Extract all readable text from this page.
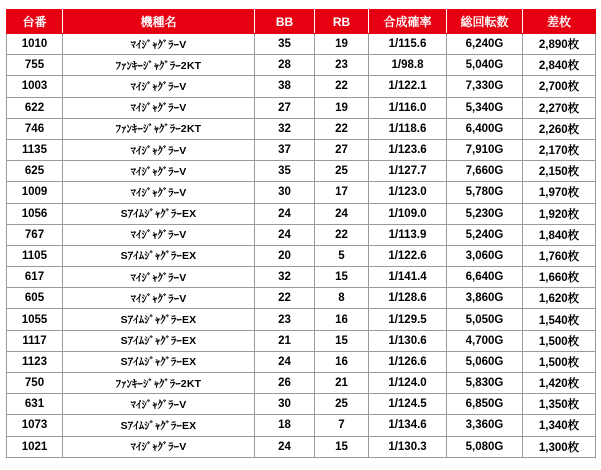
台番	機種名	BB	RB	合成確率	総回転数	差枚
1010	ﾏｲｼﾞｬｸﾞﾗｰV	35	19	1/115.6	6,240G	2,890枚
755	ﾌｧﾝｷｰｼﾞｬｸﾞﾗｰ2KT	28	23	1/98.8	5,040G	2,840枚
1003	ﾏｲｼﾞｬｸﾞﾗｰV	38	22	1/122.1	7,330G	2,700枚
622	ﾏｲｼﾞｬｸﾞﾗｰV	27	19	1/116.0	5,340G	2,270枚
746	ﾌｧﾝｷｰｼﾞｬｸﾞﾗｰ2KT	32	22	1/118.6	6,400G	2,260枚
1135	ﾏｲｼﾞｬｸﾞﾗｰV	37	27	1/123.6	7,910G	2,170枚
625	ﾏｲｼﾞｬｸﾞﾗｰV	35	25	1/127.7	7,660G	2,150枚
1009	ﾏｲｼﾞｬｸﾞﾗｰV	30	17	1/123.0	5,780G	1,970枚
1056	SｱｲﾑｼﾞｬｸﾞﾗｰEX	24	24	1/109.0	5,230G	1,920枚
767	ﾏｲｼﾞｬｸﾞﾗｰV	24	22	1/113.9	5,240G	1,840枚
1105	SｱｲﾑｼﾞｬｸﾞﾗｰEX	20	5	1/122.6	3,060G	1,760枚
617	ﾏｲｼﾞｬｸﾞﾗｰV	32	15	1/141.4	6,640G	1,660枚
605	ﾏｲｼﾞｬｸﾞﾗｰV	22	8	1/128.6	3,860G	1,620枚
1055	SｱｲﾑｼﾞｬｸﾞﾗｰEX	23	16	1/129.5	5,050G	1,540枚
1117	SｱｲﾑｼﾞｬｸﾞﾗｰEX	21	15	1/130.6	4,700G	1,500枚
1123	SｱｲﾑｼﾞｬｸﾞﾗｰEX	24	16	1/126.6	5,060G	1,500枚
750	ﾌｧﾝｷｰｼﾞｬｸﾞﾗｰ2KT	26	21	1/124.0	5,830G	1,420枚
631	ﾏｲｼﾞｬｸﾞﾗｰV	30	25	1/124.5	6,850G	1,350枚
1073	SｱｲﾑｼﾞｬｸﾞﾗｰEX	18	7	1/134.6	3,360G	1,340枚
1021	ﾏｲｼﾞｬｸﾞﾗｰV	24	15	1/130.3	5,080G	1,300枚
